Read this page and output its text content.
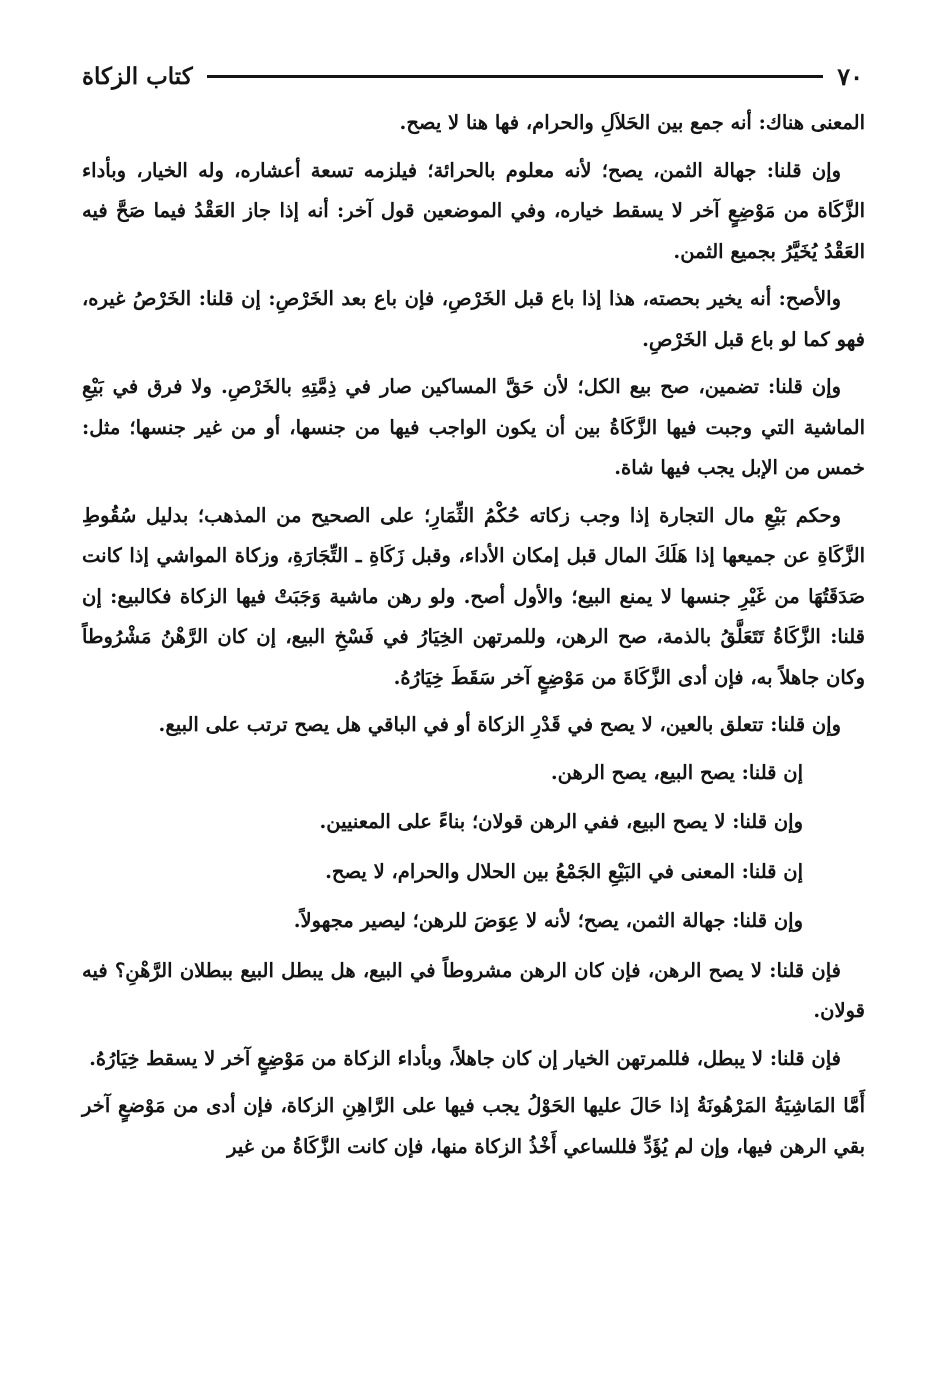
٧٠
كتاب الزكاة

المعنى هناك: أنه جمع بين الحَلاَلِ والحرام، فها هنا لا يصح.

وإن قلنا: جهالة الثمن، يصح؛ لأنه معلوم بالحرائة؛ فيلزمه تسعة أعشاره، وله الخيار، وبأداء الزَّكَاة من مَوْضِعٍ آخر لا يسقط خياره، وفي الموضعين قول آخر: أنه إذا جاز العَقْدُ فيما صَحَّ فيه العَقْدُ يُخَيَّرُ بجميع الثمن.

والأصح: أنه يخير بحصته، هذا إذا باع قبل الخَرْصِ، فإن باع بعد الخَرْصِ: إن قلنا: الخَرْصُ غيره، فهو كما لو باع قبل الخَرْصِ.

وإن قلنا: تضمين، صح بيع الكل؛ لأن حَقَّ المساكين صار في ذِمَّتِهِ بالخَرْصِ. ولا فرق في بَيْعِ الماشية التي وجبت فيها الزَّكَاةُ بين أن يكون الواجب فيها من جنسها، أو من غير جنسها؛ مثل: خمس من الإبل يجب فيها شاة.

وحكم بَيْعِ مال التجارة إذا وجب زكاته حُكْمُ الثِّمَارِ؛ على الصحيح من المذهب؛ بدليل سُقُوطِ الزَّكَاةِ عن جميعها إذا هَلَكَ المال قبل إمكان الأداء، وقبل زَكَاةِ ـ التِّجَارَةِ، وزكاة المواشي إذا كانت صَدَقَتُهَا من غَيْرِ جنسها لا يمنع البيع؛ والأول أصح. ولو رهن ماشية وَجَبَتْ فيها الزكاة فكالبيع: إن قلنا: الزَّكَاةُ تَتَعَلَّقُ بالذمة، صح الرهن، وللمرتهن الخِيَارُ في فَسْخِ البيع، إن كان الرَّهْنُ مَشْرُوطاً وكان جاهلاً به، فإن أدى الزَّكَاةَ من مَوْضِعٍ آخر سَقَطَ خِيَارُهُ.

وإن قلنا: تتعلق بالعين، لا يصح في قَدْرِ الزكاة أو في الباقي هل يصح ترتب على البيع.

إن قلنا: يصح البيع، يصح الرهن.

وإن قلنا: لا يصح البيع، ففي الرهن قولان؛ بناءً على المعنيين.

إن قلنا: المعنى في البَيْعِ الجَمْعُ بين الحلال والحرام، لا يصح.

وإن قلنا: جهالة الثمن، يصح؛ لأنه لا عِوَضَ للرهن؛ ليصير مجهولاً.

فإن قلنا: لا يصح الرهن، فإن كان الرهن مشروطاً في البيع، هل يبطل البيع ببطلان الرَّهْنِ؟ فيه قولان.

فإن قلنا: لا يبطل، فللمرتهن الخيار إن كان جاهلاً، وبأداء الزكاة من مَوْضِعٍ آخر لا يسقط خِيَارُهُ.

أَمَّا المَاشِيَةُ المَرْهُونَةُ إذا حَالَ عليها الحَوْلُ يجب فيها على الرَّاهِنِ الزكاة، فإن أدى من مَوْضعٍ آخر بقي الرهن فيها، وإن لم يُؤَدِّ فللساعي أَخْذُ الزكاة منها، فإن كانت الزَّكَاةُ من غير
